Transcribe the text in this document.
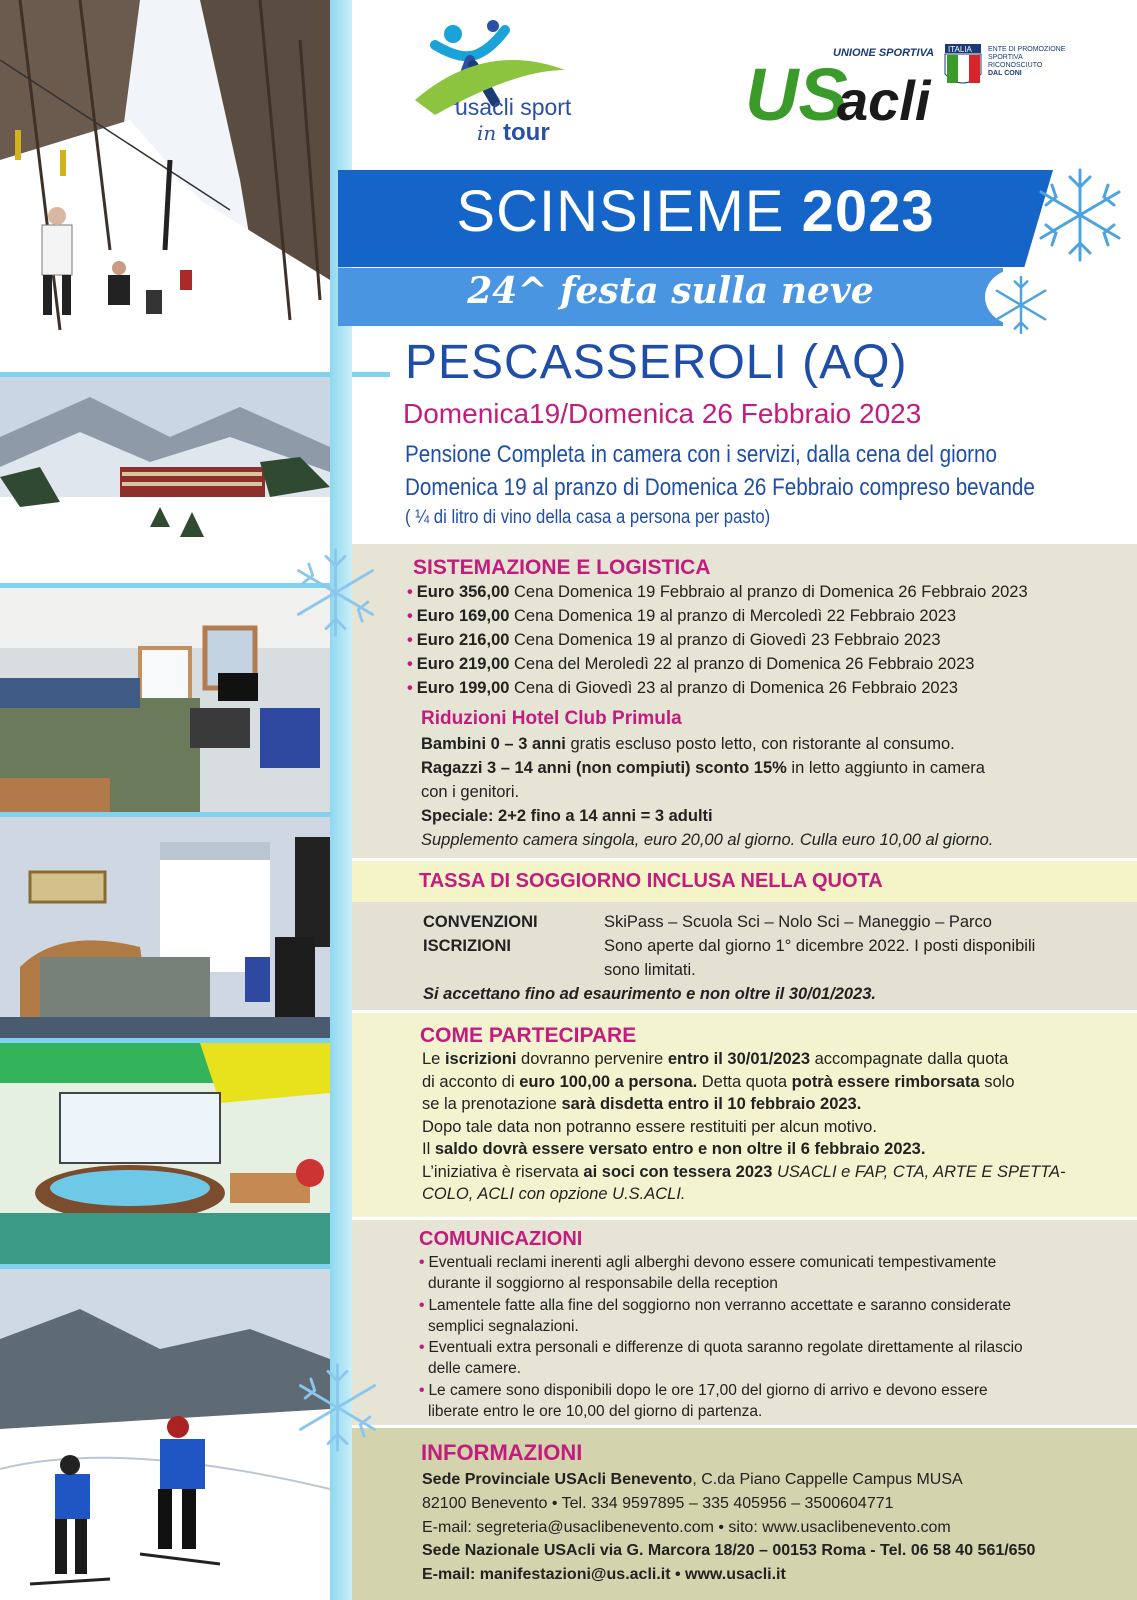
usacli sport
in tour	US
acli
UNIONE SPORTIVA ITALIA ENTE DI PROMOZIONE
SPORTIVA
RICONOSCIUTO
DAL CONI
SCINSIEME 2023
24^ festa sulla neve
PESCASSEROLI (AQ)
Domenica19/Domenica 26 Febbraio 2023
Pensione Completa in camera con i servizi, dalla cena del giorno
Domenica 19 al pranzo di Domenica 26 Febbraio compreso bevande
( ¼ di litro di vino della casa a persona per pasto)
SISTEMAZIONE E LOGISTICA
• Euro 356,00 Cena Domenica 19 Febbraio al pranzo di Domenica 26 Febbraio 2023
• Euro 169,00 Cena Domenica 19 al pranzo di Mercoledì 22 Febbraio 2023
• Euro 216,00 Cena Domenica 19 al pranzo di Giovedì 23 Febbraio 2023
• Euro 219,00 Cena del Meroledì 22 al pranzo di Domenica 26 Febbraio 2023
• Euro 199,00 Cena di Giovedì 23 al pranzo di Domenica 26 Febbraio 2023
Riduzioni Hotel Club Primula
Bambini 0 – 3 anni gratis escluso posto letto, con ristorante al consumo.
Ragazzi 3 – 14 anni (non compiuti) sconto 15% in letto aggiunto in camera
con i genitori.
Speciale: 2+2 fino a 14 anni = 3 adulti
Supplemento camera singola, euro 20,00 al giorno. Culla euro 10,00 al giorno.
TASSA DI SOGGIORNO INCLUSA NELLA QUOTA
CONVENZIONI	SkiPass – Scuola Sci – Nolo Sci – Maneggio – Parco
ISCRIZIONI	Sono aperte dal giorno 1° dicembre 2022. I posti disponibili
sono limitati.
Si accettano fino ad esaurimento e non oltre il 30/01/2023.
COME PARTECIPARE
Le iscrizioni dovranno pervenire entro il 30/01/2023 accompagnate dalla quota
di acconto di euro 100,00 a persona. Detta quota potrà essere rimborsata solo
se la prenotazione sarà disdetta entro il 10 febbraio 2023.
Dopo tale data non potranno essere restituiti per alcun motivo.
Il saldo dovrà essere versato entro e non oltre il 6 febbraio 2023.
L’iniziativa è riservata ai soci con tessera 2023 USACLI e FAP, CTA, ARTE E SPETTA-
COLO, ACLI con opzione U.S.ACLI.
COMUNICAZIONI
• Eventuali reclami inerenti agli alberghi devono essere comunicati tempestivamente
durante il soggiorno al responsabile della reception
• Lamentele fatte alla fine del soggiorno non verranno accettate e saranno considerate
semplici segnalazioni.
• Eventuali extra personali e differenze di quota saranno regolate direttamente al rilascio
delle camere.
• Le camere sono disponibili dopo le ore 17,00 del giorno di arrivo e devono essere
liberate entro le ore 10,00 del giorno di partenza.
INFORMAZIONI
Sede Provinciale USAcli Benevento, C.da Piano Cappelle Campus MUSA
82100 Benevento • Tel. 334 9597895 – 335 405956 – 3500604771
E-mail: segreteria@usaclibenevento.com • sito: www.usaclibenevento.com
Sede Nazionale USAcli via G. Marcora 18/20 – 00153 Roma - Tel. 06 58 40 561/650
E-mail: manifestazioni@us.acli.it • www.usacli.it
